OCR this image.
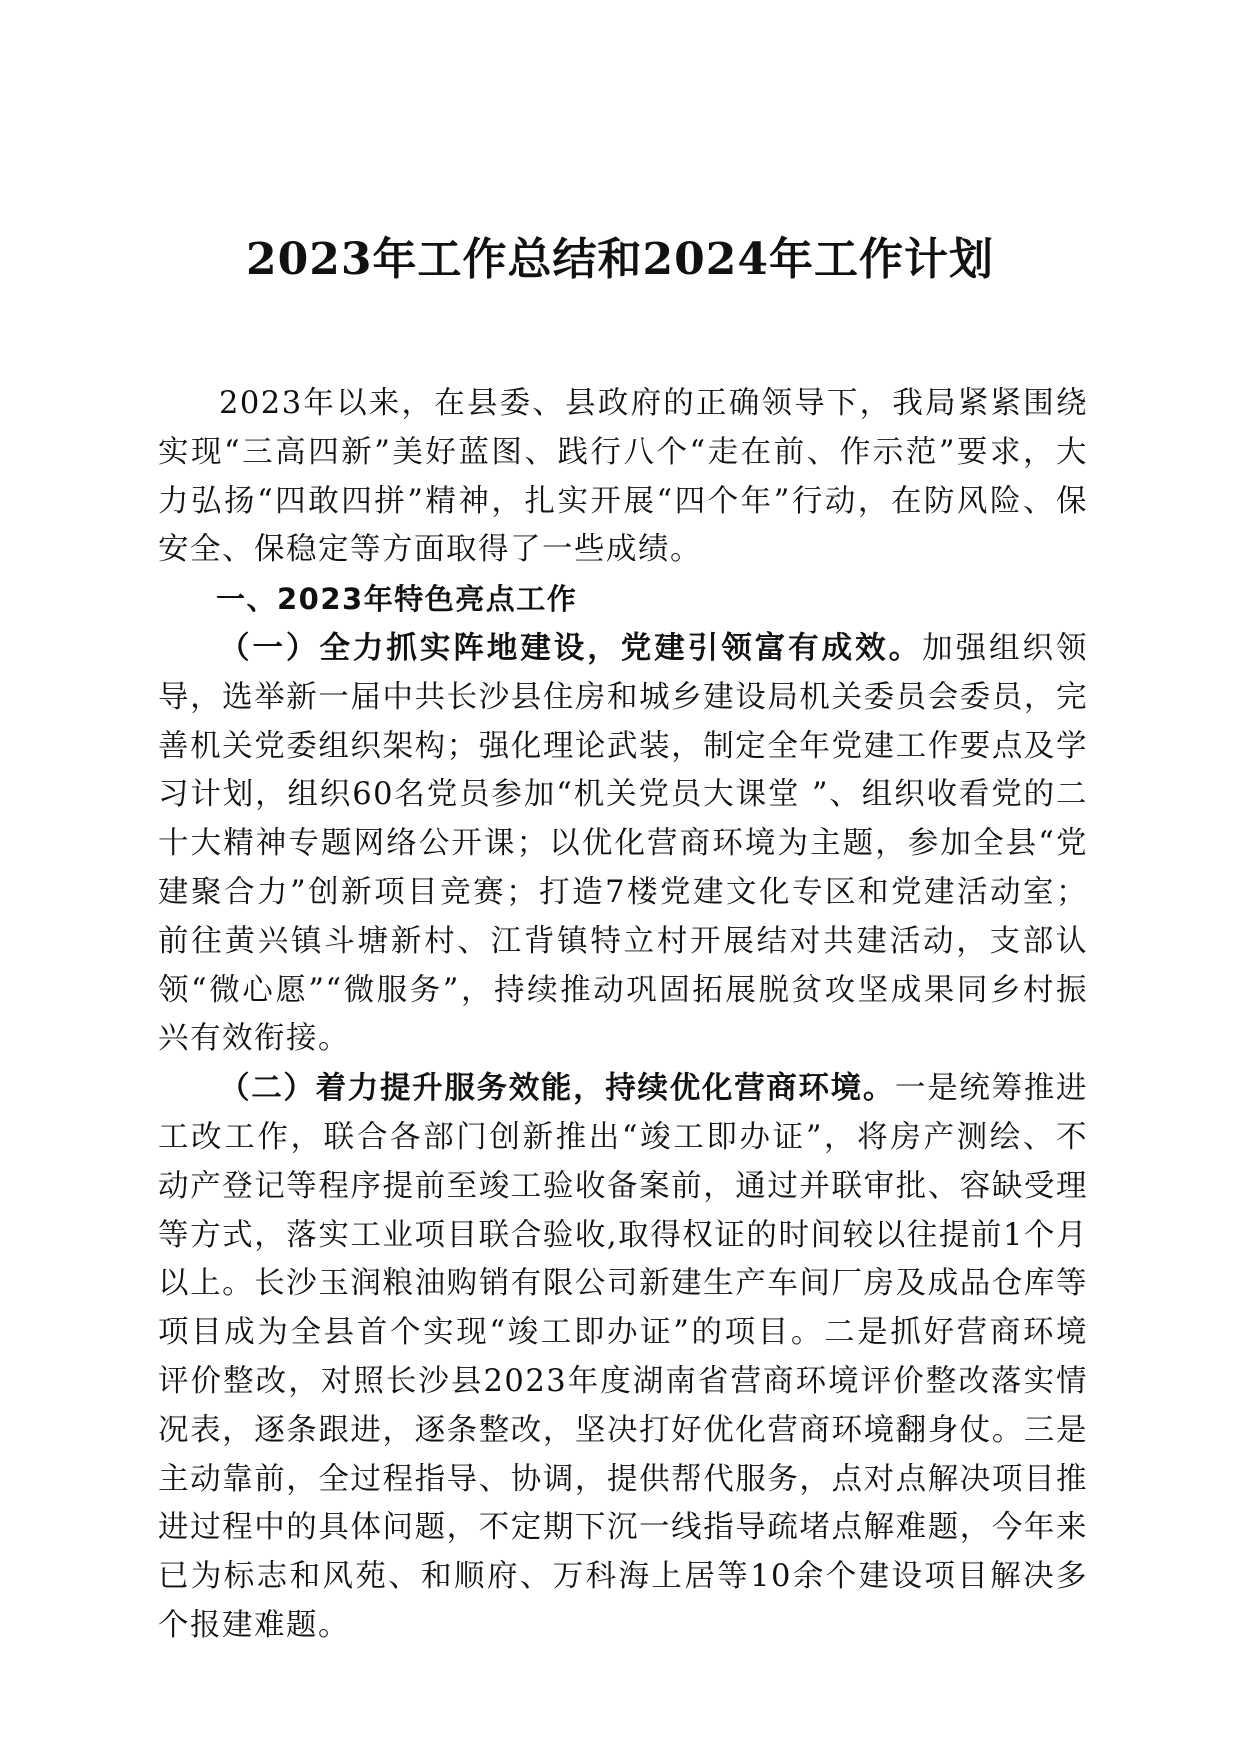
2023年工作总结和2024年工作计划

2023年以来，在县委、县政府的正确领导下，我局紧紧围绕实现“三高四新”美好蓝图、践行八个“走在前、作示范”要求，大力弘扬“四敢四拼”精神，扎实开展“四个年”行动，在防风险、保安全、保稳定等方面取得了一些成绩。

一、2023年特色亮点工作

（一）全力抓实阵地建设，党建引领富有成效。加强组织领导，选举新一届中共长沙县住房和城乡建设局机关委员会委员，完善机关党委组织架构；强化理论武装，制定全年党建工作要点及学习计划，组织60名党员参加“机关党员大课堂 ”、组织收看党的二十大精神专题网络公开课；以优化营商环境为主题，参加全县“党建聚合力”创新项目竞赛；打造7楼党建文化专区和党建活动室；前往黄兴镇斗塘新村、江背镇特立村开展结对共建活动，支部认领“微心愿”“微服务”，持续推动巩固拓展脱贫攻坚成果同乡村振兴有效衔接。

（二）着力提升服务效能，持续优化营商环境。一是统筹推进工改工作，联合各部门创新推出“竣工即办证”，将房产测绘、不动产登记等程序提前至竣工验收备案前，通过并联审批、容缺受理等方式，落实工业项目联合验收,取得权证的时间较以往提前1个月以上。长沙玉润粮油购销有限公司新建生产车间厂房及成品仓库等项目成为全县首个实现“竣工即办证”的项目。二是抓好营商环境评价整改，对照长沙县2023年度湖南省营商环境评价整改落实情况表，逐条跟进，逐条整改，坚决打好优化营商环境翻身仗。三是主动靠前，全过程指导、协调，提供帮代服务，点对点解决项目推进过程中的具体问题，不定期下沉一线指导疏堵点解难题，今年来已为标志和风苑、和顺府、万科海上居等10余个建设项目解决多个报建难题。
